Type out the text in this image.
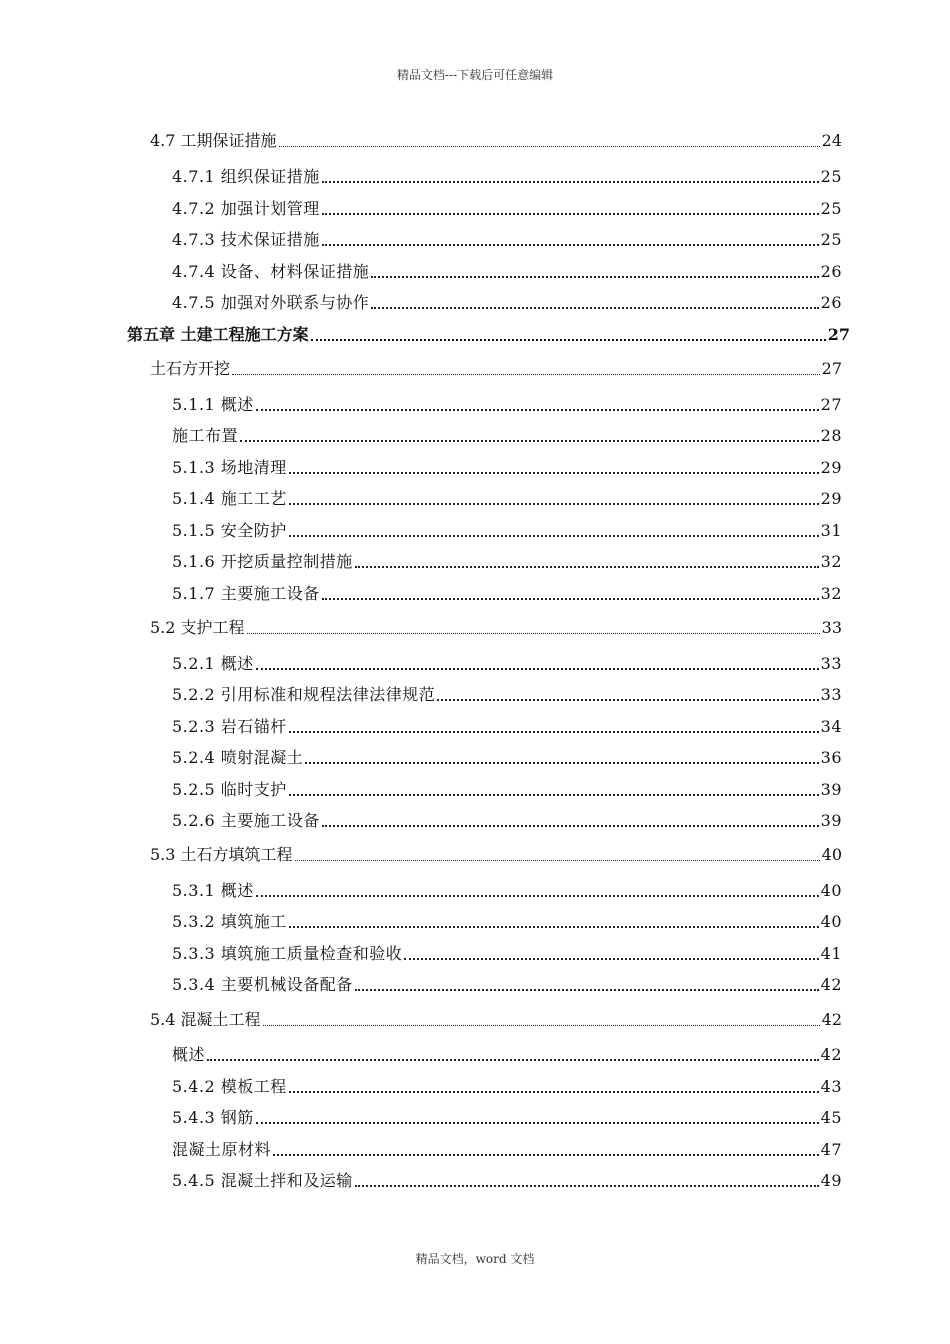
精品文档---下载后可任意编辑
4.7 工期保证措施	24
4.7.1 组织保证措施	25
4.7.2 加强计划管理	25
4.7.3 技术保证措施	25
4.7.4 设备、材料保证措施	26
4.7.5 加强对外联系与协作	26
第五章 土建工程施工方案	27
土石方开挖	27
5.1.1 概述	27
施工布置	28
5.1.3 场地清理	29
5.1.4 施工工艺	29
5.1.5 安全防护	31
5.1.6 开挖质量控制措施	32
5.1.7 主要施工设备	32
5.2 支护工程	33
5.2.1 概述	33
5.2.2 引用标准和规程法律法律规范	33
5.2.3 岩石锚杆	34
5.2.4 喷射混凝土	36
5.2.5 临时支护	39
5.2.6 主要施工设备	39
5.3 土石方填筑工程	40
5.3.1 概述	40
5.3.2 填筑施工	40
5.3.3 填筑施工质量检查和验收	41
5.3.4 主要机械设备配备	42
5.4 混凝土工程	42
概述	42
5.4.2 模板工程	43
5.4.3 钢筋	45
混凝土原材料	47
5.4.5 混凝土拌和及运输	49
精品文档，word 文档
